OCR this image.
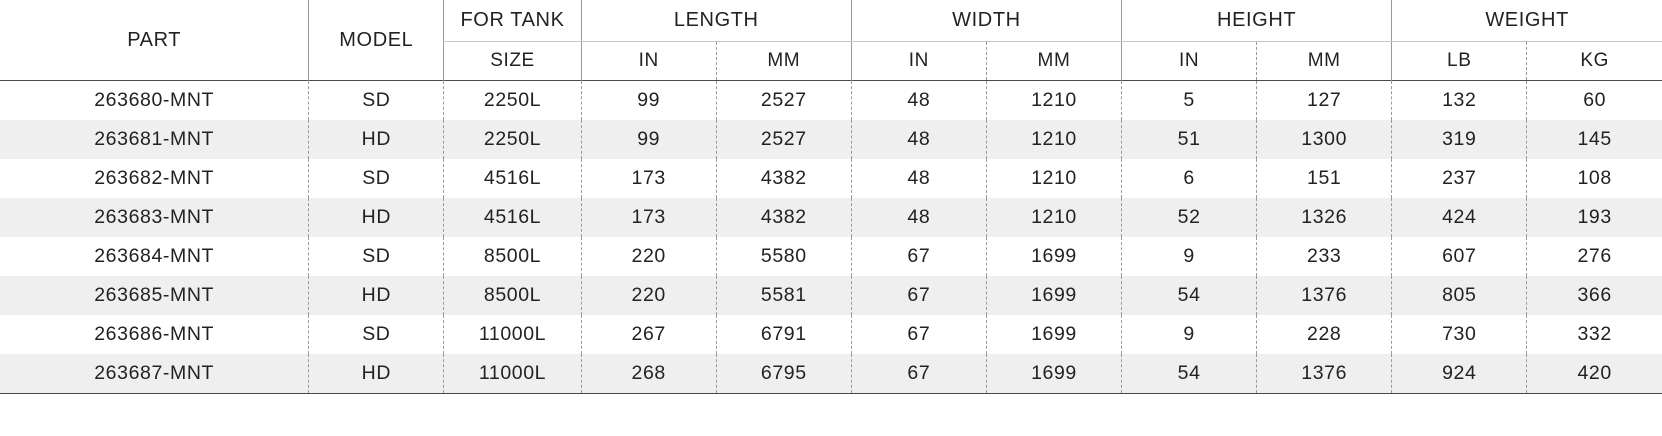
PART	MODEL	FOR TANK	LENGTH		WIDTH		HEIGHT		WEIGHT	
		SIZE	IN	MM	IN	MM	IN	MM	LB	KG
263680-MNT	SD	2250L	99	2527	48	1210	5	127	132	60
263681-MNT	HD	2250L	99	2527	48	1210	51	1300	319	145
263682-MNT	SD	4516L	173	4382	48	1210	6	151	237	108
263683-MNT	HD	4516L	173	4382	48	1210	52	1326	424	193
263684-MNT	SD	8500L	220	5580	67	1699	9	233	607	276
263685-MNT	HD	8500L	220	5581	67	1699	54	1376	805	366
263686-MNT	SD	11000L	267	6791	67	1699	9	228	730	332
263687-MNT	HD	11000L	268	6795	67	1699	54	1376	924	420
